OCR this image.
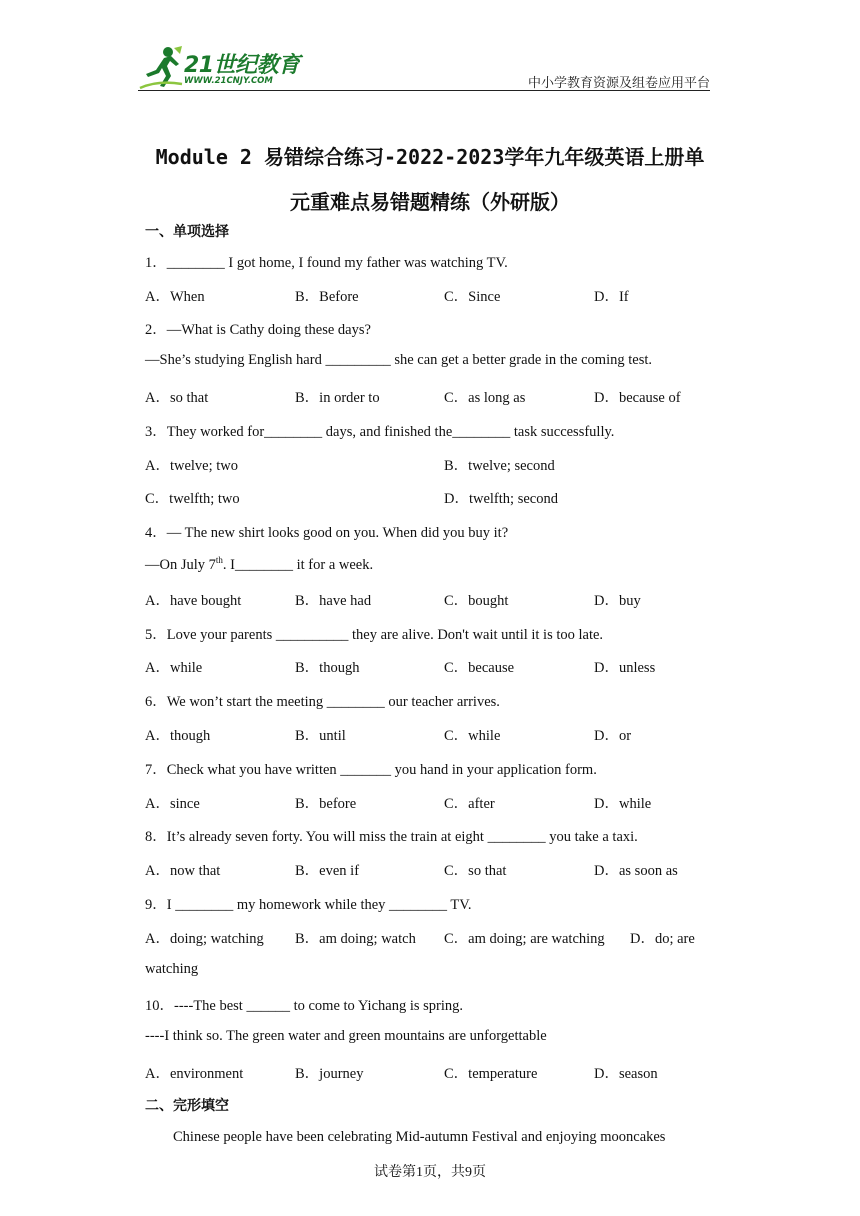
21世纪教育
WWW.21CNJY.COM	中小学教育资源及组卷应用平台
Module 2 易错综合练习-2022-2023学年九年级英语上册单
元重难点易错题精练（外研版）
一、单项选择
1．________ I got home, I found my father was watching TV.
A．When	B．Before	C．Since	D．If
2．—What is Cathy doing these days?
—She’s studying English hard _________ she can get a better grade in the coming test.
A．so that	B．in order to	C．as long as	D．because of
3．They worked for________ days, and finished the________ task successfully.
A．twelve; two	B．twelve; second
C．twelfth; two	D．twelfth; second
4．— The new shirt looks good on you. When did you buy it?
—On July 7th. I________ it for a week.
A．have bought	B．have had	C．bought	D．buy
5．Love your parents __________ they are alive. Don't wait until it is too late.
A．while	B．though	C．because	D．unless
6．We won’t start the meeting ________ our teacher arrives.
A．though	B．until	C．while	D．or
7．Check what you have written _______ you hand in your application form.
A．since	B．before	C．after	D．while
8．It’s already seven forty. You will miss the train at eight ________ you take a taxi.
A．now that	B．even if	C．so that	D．as soon as
9．I ________ my homework while they ________ TV.
A．doing; watching B．am doing; watch C．am doing; are watching D．do; are
watching
10．----The best ______ to come to Yichang is spring.
----I think so. The green water and green mountains are unforgettable
A．environment	B．journey	C．temperature	D．season
二、完形填空
Chinese people have been celebrating Mid-autumn Festival and enjoying mooncakes
试卷第1页，共9页
